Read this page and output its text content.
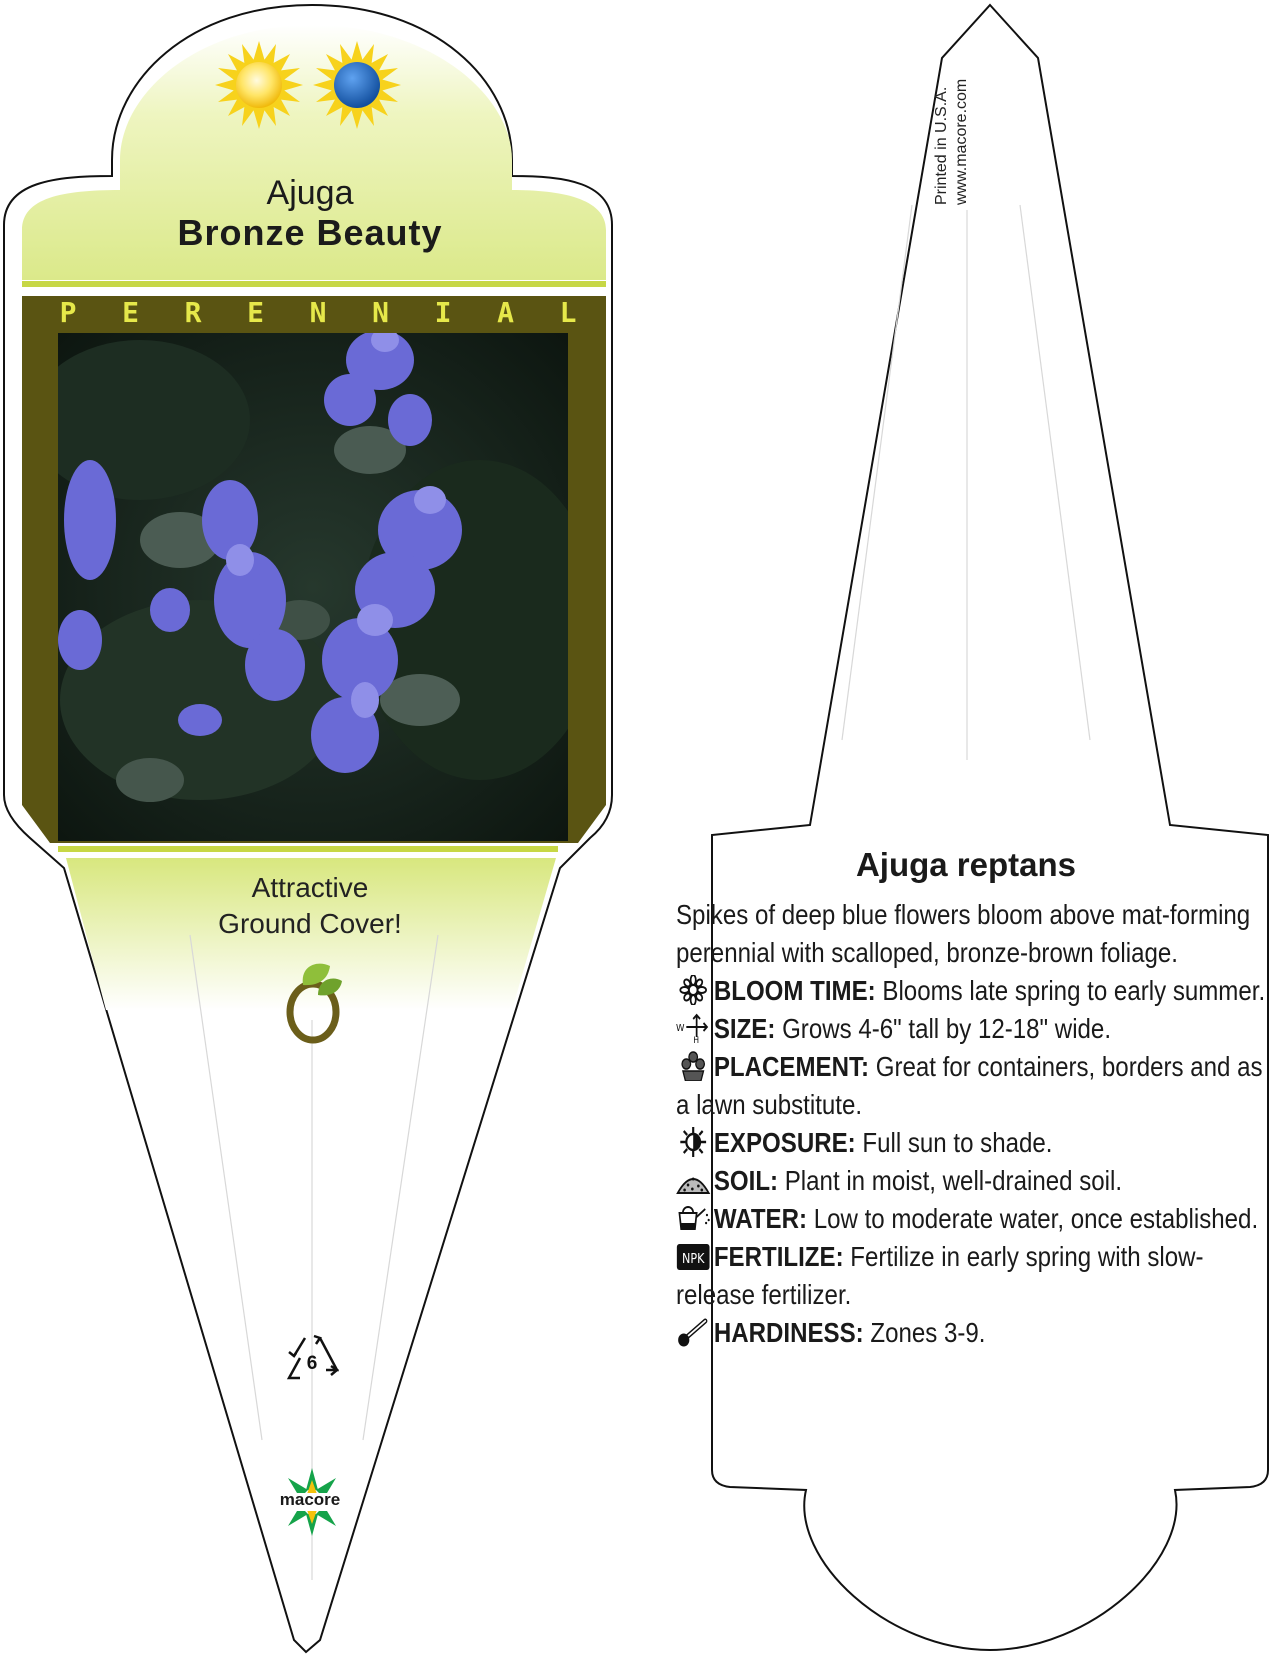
Ajuga
Bronze Beauty
P E R E N N I A L
Attractive
Ground Cover!
6
macore
Printed in U.S.A. www.macore.com
Ajuga reptans
Spikes of deep blue flowers bloom above mat-forming perennial with scalloped, bronze-brown foliage.
BLOOM TIME: Blooms late spring to early summer.
W
H SIZE: Grows 4-6" tall by 12-18" wide.
PLACEMENT: Great for containers, borders and as a lawn substitute.
EXPOSURE: Full sun to shade.
SOIL: Plant in moist, well-drained soil.
WATER: Low to moderate water, once established.
NPK FERTILIZE: Fertilize in early spring with slow-release fertilizer.
HARDINESS: Zones 3-9.
